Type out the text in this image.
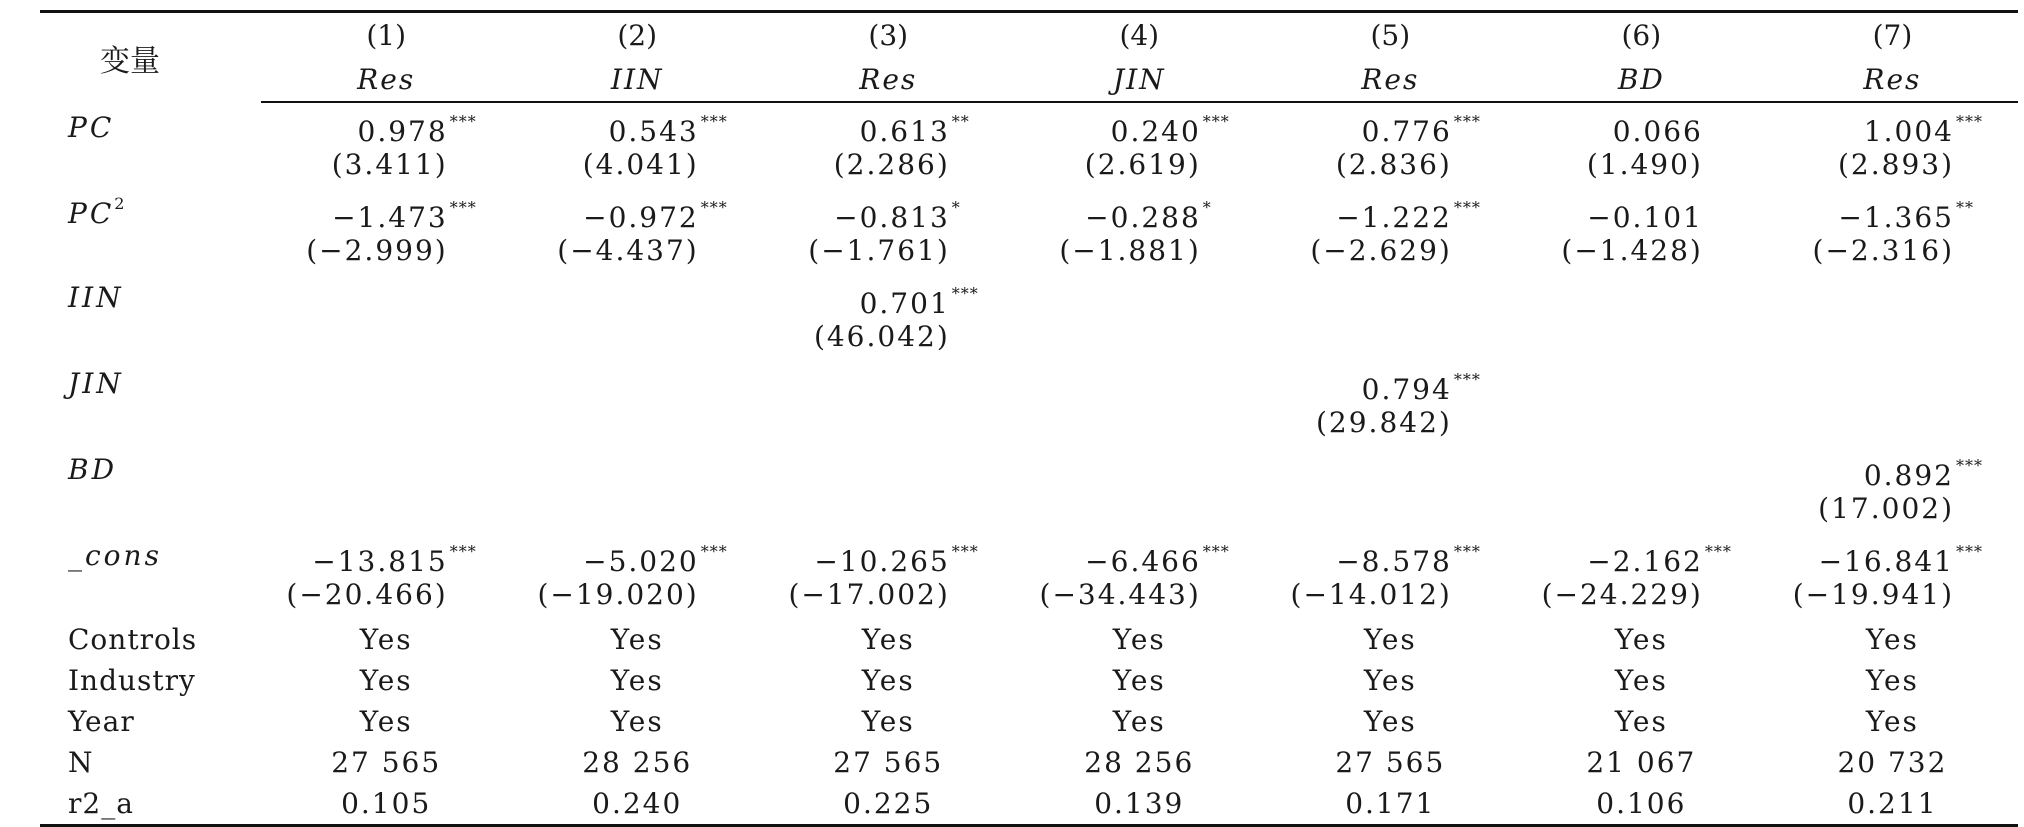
变量	(1)	(2)	(3)	(4)	(5)	(6)	(7)
	Res	IIN	Res	JIN	Res	BD	Res
PC	0.978 ***	0.543 ***	0.613 **	0.240 ***	0.776 ***	0.066	1.004 ***
	(3.411)	(4.041)	(2.286)	(2.619)	(2.836)	(1.490)	(2.893)
$PC^2$	−1.473 ***	−0.972 ***	−0.813 *	−0.288 *	−1.222 ***	−0.101	−1.365 **
	(−2.999)	(−4.437)	(−1.761)	(−1.881)	(−2.629)	(−1.428)	(−2.316)
IIN			0.701 ***				
			(46.042)				
JIN					0.794 ***		
					(29.842)		
BD							0.892 ***
							(17.002)
_cons	−13.815 ***	−5.020 ***	−10.265 ***	−6.466 ***	−8.578 ***	−2.162 ***	−16.841 ***
	(−20.466)	(−19.020)	(−17.002)	(−34.443)	(−14.012)	(−24.229)	(−19.941)
Controls	Yes	Yes	Yes	Yes	Yes	Yes	Yes
Industry	Yes	Yes	Yes	Yes	Yes	Yes	Yes
Year	Yes	Yes	Yes	Yes	Yes	Yes	Yes
N	27 565	28 256	27 565	28 256	27 565	21 067	20 732
r2_a	0.105	0.240	0.225	0.139	0.171	0.106	0.211
